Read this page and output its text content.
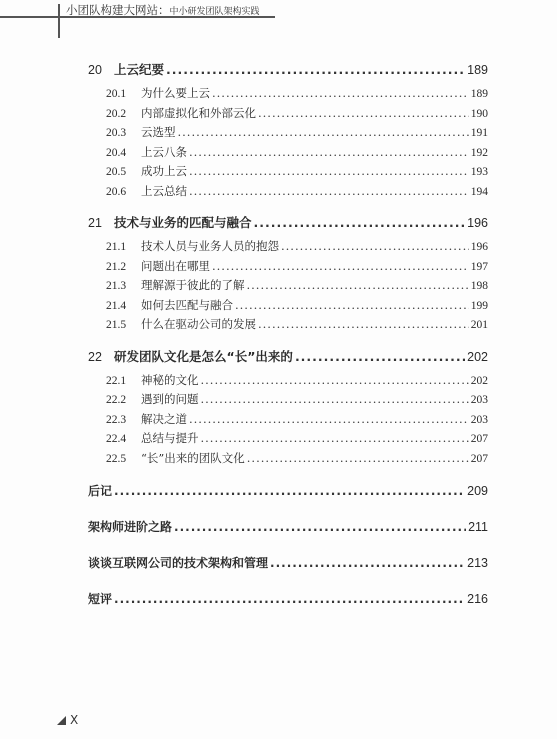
小团队构建大网站：中小研发团队架构实践
20 上云纪要 .....	189
20.1	为什么要上云 .....	189
20.2	内部虚拟化和外部云化 .....	190
20.3	云选型 .....	191
20.4	上云八条 .....	192
20.5	成功上云 .....	193
20.6	上云总结 .....	194
21 技术与业务的匹配与融合 .....	196
21.1	技术人员与业务人员的抱怨 .....	196
21.2	问题出在哪里 .....	197
21.3	理解源于彼此的了解 .....	198
21.4	如何去匹配与融合 .....	199
21.5	什么在驱动公司的发展 .....	201
22 研发团队文化是怎么“长”出来的 .....	202
22.1	神秘的文化 .....	202
22.2	遇到的问题 .....	203
22.3	解决之道 .....	203
22.4	总结与提升 .....	207
22.5	“长”出来的团队文化 .....	207
后记 .....	209
架构师进阶之路 .....	211
谈谈互联网公司的技术架构和管理 .....	213
短评 .....	216
X
